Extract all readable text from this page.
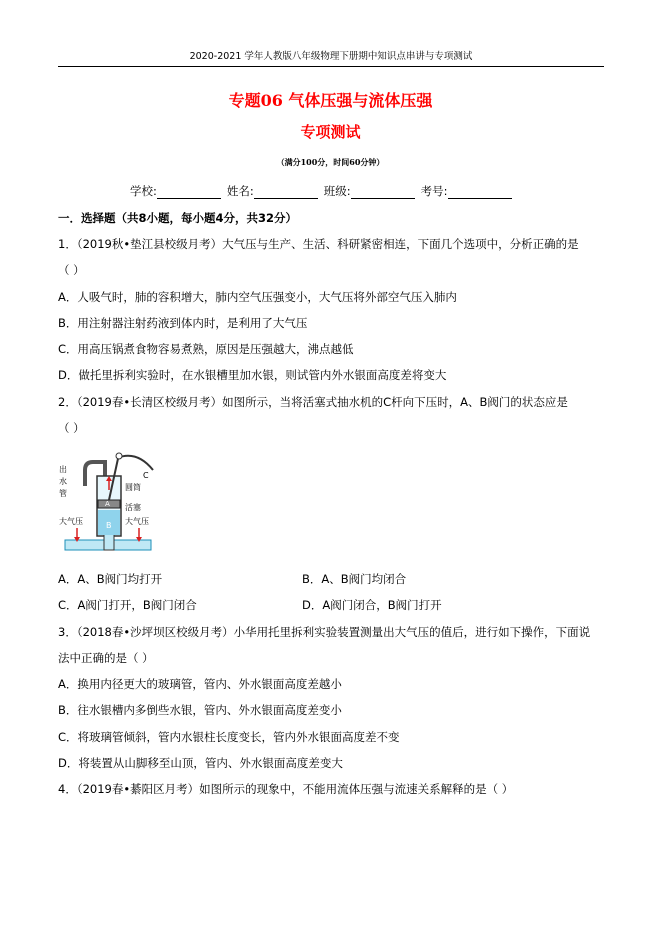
2020-2021 学年人教版八年级物理下册期中知识点串讲与专项测试
专题06 气体压强与流体压强
专项测试
（满分100分，时间60分钟）
学校:	姓名:	班级:	考号:
一．选择题（共8小题，每小题4分，共32分）
1．（2019秋•垫江县校级月考）大气压与生产、生活、科研紧密相连，下面几个选项中，分析正确的是
（ ）
A．人吸气时，肺的容积增大，肺内空气压强变小，大气压将外部空气压入肺内
B．用注射器注射药液到体内时，是利用了大气压
C．用高压锅煮食物容易煮熟，原因是压强越大，沸点越低
D．做托里拆利实验时，在水银槽里加水银，则试管内外水银面高度差将变大
2．（2019春•长清区校级月考）如图所示，当将活塞式抽水机的C杆向下压时，A、B阀门的状态应是
（ ）
出
水
管
C
圆筒
活塞
大气压	大气压
A
B
A．A、B阀门均打开	B．A、B阀门均闭合
C．A阀门打开，B阀门闭合	D．A阀门闭合，B阀门打开
3．（2018春•沙坪坝区校级月考）小华用托里拆利实验装置测量出大气压的值后，进行如下操作，下面说
法中正确的是（ ）
A．换用内径更大的玻璃管，管内、外水银面高度差越小
B．往水银槽内多倒些水银，管内、外水银面高度差变小
C．将玻璃管倾斜，管内水银柱长度变长，管内外水银面高度差不变
D．将装置从山脚移至山顶，管内、外水银面高度差变大
4．（2019春•綦阳区月考）如图所示的现象中，不能用流体压强与流速关系解释的是（ ）
